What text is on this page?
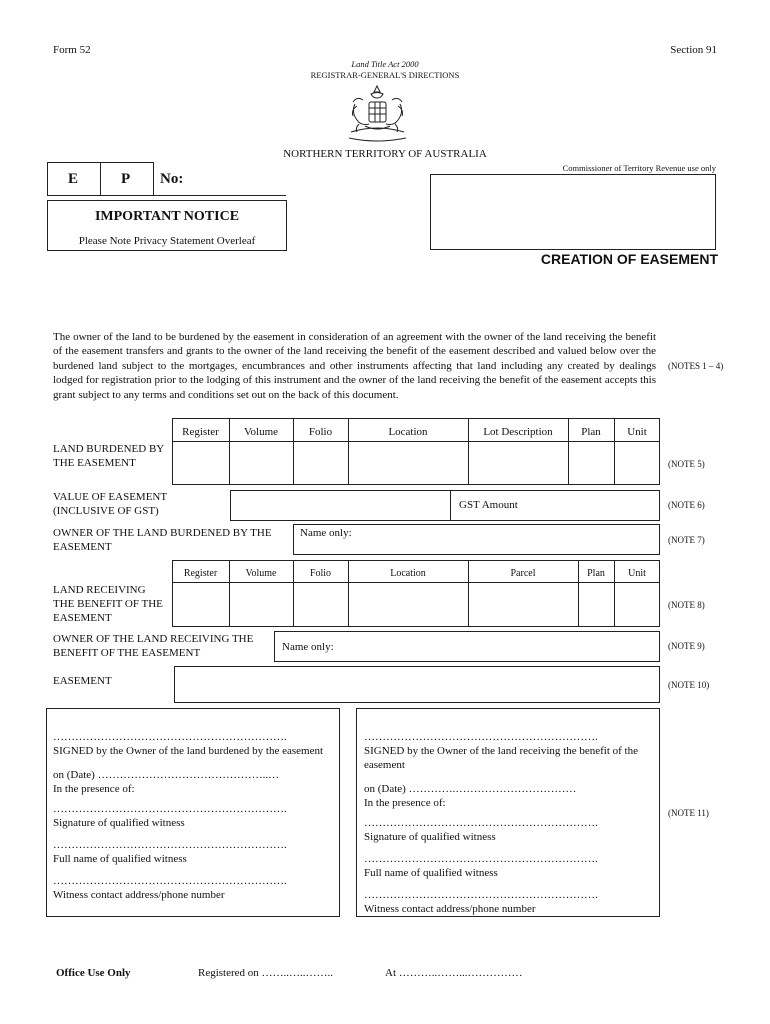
Form 52	Section 91
Land Title Act 2000
REGISTRAR-GENERAL'S DIRECTIONS
NORTHERN TERRITORY OF AUSTRALIA
E	P No:
IMPORTANT NOTICE
Please Note Privacy Statement Overleaf
Commissioner of Territory Revenue use only
CREATION OF EASEMENT
The owner of the land to be burdened by the easement in consideration of an agreement with the owner of the land receiving the benefit of the easement transfers and grants to the owner of the land receiving the benefit of the easement described and valued below over the burdened land subject to the mortgages, encumbrances and other instruments affecting that land including any created by dealings lodged for registration prior to the lodging of this instrument and the owner of the land receiving the benefit of the easement accepts this grant subject to any terms and conditions set out on the back of this document.
(NOTES 1 – 4)
Register	Volume	Folio	Location	Lot Description	Plan	Unit
LAND BURDENED BY THE EASEMENT	(NOTE 5)
VALUE OF EASEMENT (INCLUSIVE OF GST)	GST Amount	(NOTE 6)
OWNER OF THE LAND BURDENED BY THE EASEMENT
Name only:
(NOTE 7)
Register	Volume	Folio	Location	Parcel	Plan	Unit
LAND RECEIVING THE BENEFIT OF THE EASEMENT
(NOTE 8)
OWNER OF THE LAND RECEIVING THE BENEFIT OF THE EASEMENT	Name only:	(NOTE 9)
EASEMENT	(NOTE 10)
……………………………………………………….
SIGNED by the Owner of the land burdened by the easement
on (Date) ………………………………………..…
In the presence of:
……………………………………………………….
Signature of qualified witness
……………………………………………………….
Full name of qualified witness
……………………………………………………….
Witness contact address/phone number
……………………………………………………….
SIGNED by the Owner of the land receiving the benefit of the easement
on (Date) ………….……………………………
In the presence of:
……………………………………………………….
Signature of qualified witness
……………………………………………………….
Full name of qualified witness
……………………………………………………….
Witness contact address/phone number
(NOTE 11)
Office Use Only	Registered on ……..…..……..	At ………..……...……………
